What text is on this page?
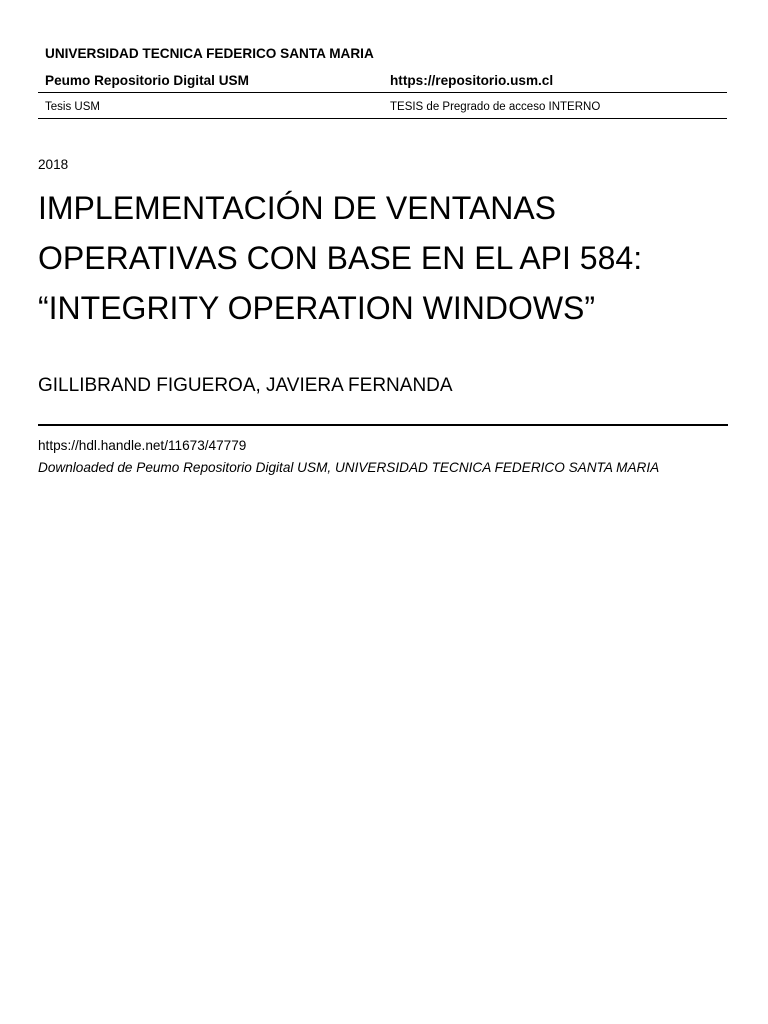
UNIVERSIDAD TECNICA FEDERICO SANTA MARIA
Peumo Repositorio Digital USM	https://repositorio.usm.cl
Tesis USM	TESIS de Pregrado de acceso INTERNO
2018
IMPLEMENTACIÓN DE VENTANAS OPERATIVAS CON BASE EN EL API 584: “INTEGRITY OPERATION WINDOWS”
GILLIBRAND FIGUEROA, JAVIERA FERNANDA
https://hdl.handle.net/11673/47779
Downloaded de Peumo Repositorio Digital USM, UNIVERSIDAD TECNICA FEDERICO SANTA MARIA
